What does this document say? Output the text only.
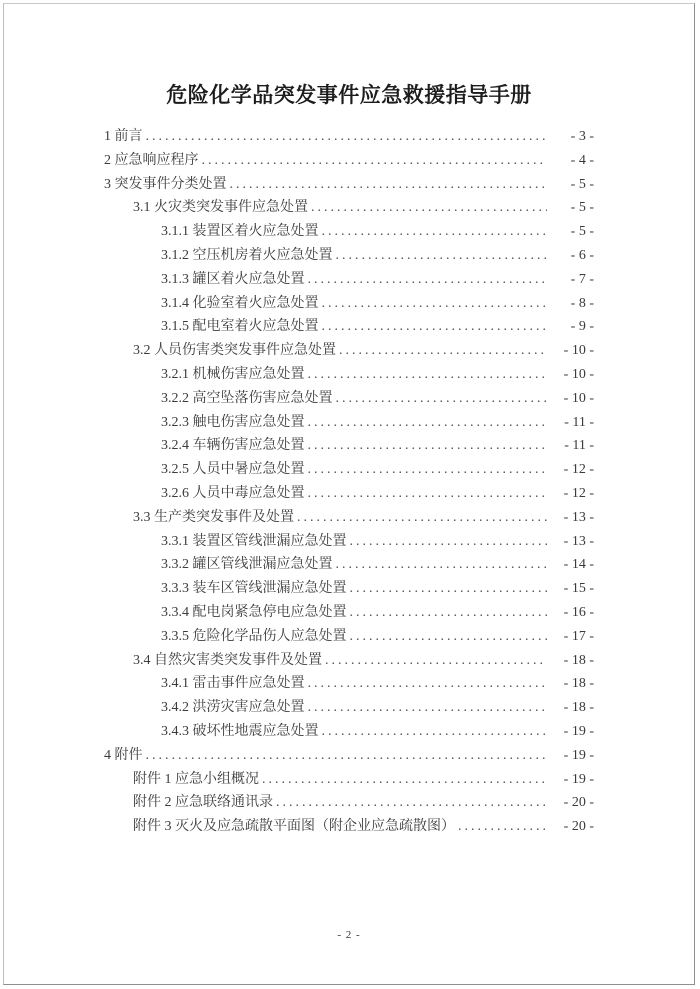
危险化学品突发事件应急救援指导手册
1 前言 .....	- 3 -
2 应急响应程序 .....	- 4 -
3 突发事件分类处置 .....	- 5 -
3.1 火灾类突发事件应急处置 .....	- 5 -
3.1.1 装置区着火应急处置 .....	- 5 -
3.1.2 空压机房着火应急处置 .....	- 6 -
3.1.3 罐区着火应急处置 .....	- 7 -
3.1.4 化验室着火应急处置 .....	- 8 -
3.1.5 配电室着火应急处置 .....	- 9 -
3.2 人员伤害类突发事件应急处置 .....	- 10 -
3.2.1 机械伤害应急处置 .....	- 10 -
3.2.2 高空坠落伤害应急处置 .....	- 10 -
3.2.3 触电伤害应急处置 .....	- 11 -
3.2.4 车辆伤害应急处置 .....	- 11 -
3.2.5 人员中暑应急处置 .....	- 12 -
3.2.6 人员中毒应急处置 .....	- 12 -
3.3 生产类突发事件及处置 .....	- 13 -
3.3.1 装置区管线泄漏应急处置 .....	- 13 -
3.3.2 罐区管线泄漏应急处置 .....	- 14 -
3.3.3 装车区管线泄漏应急处置 .....	- 15 -
3.3.4 配电岗紧急停电应急处置 .....	- 16 -
3.3.5 危险化学品伤人应急处置 .....	- 17 -
3.4 自然灾害类突发事件及处置 .....	- 18 -
3.4.1 雷击事件应急处置 .....	- 18 -
3.4.2 洪涝灾害应急处置 .....	- 18 -
3.4.3 破坏性地震应急处置 .....	- 19 -
4 附件 .....	- 19 -
附件 1 应急小组概况 .....	- 19 -
附件 2 应急联络通讯录 .....	- 20 -
附件 3 灭火及应急疏散平面图（附企业应急疏散图） .....	- 20 -
- 2 -
